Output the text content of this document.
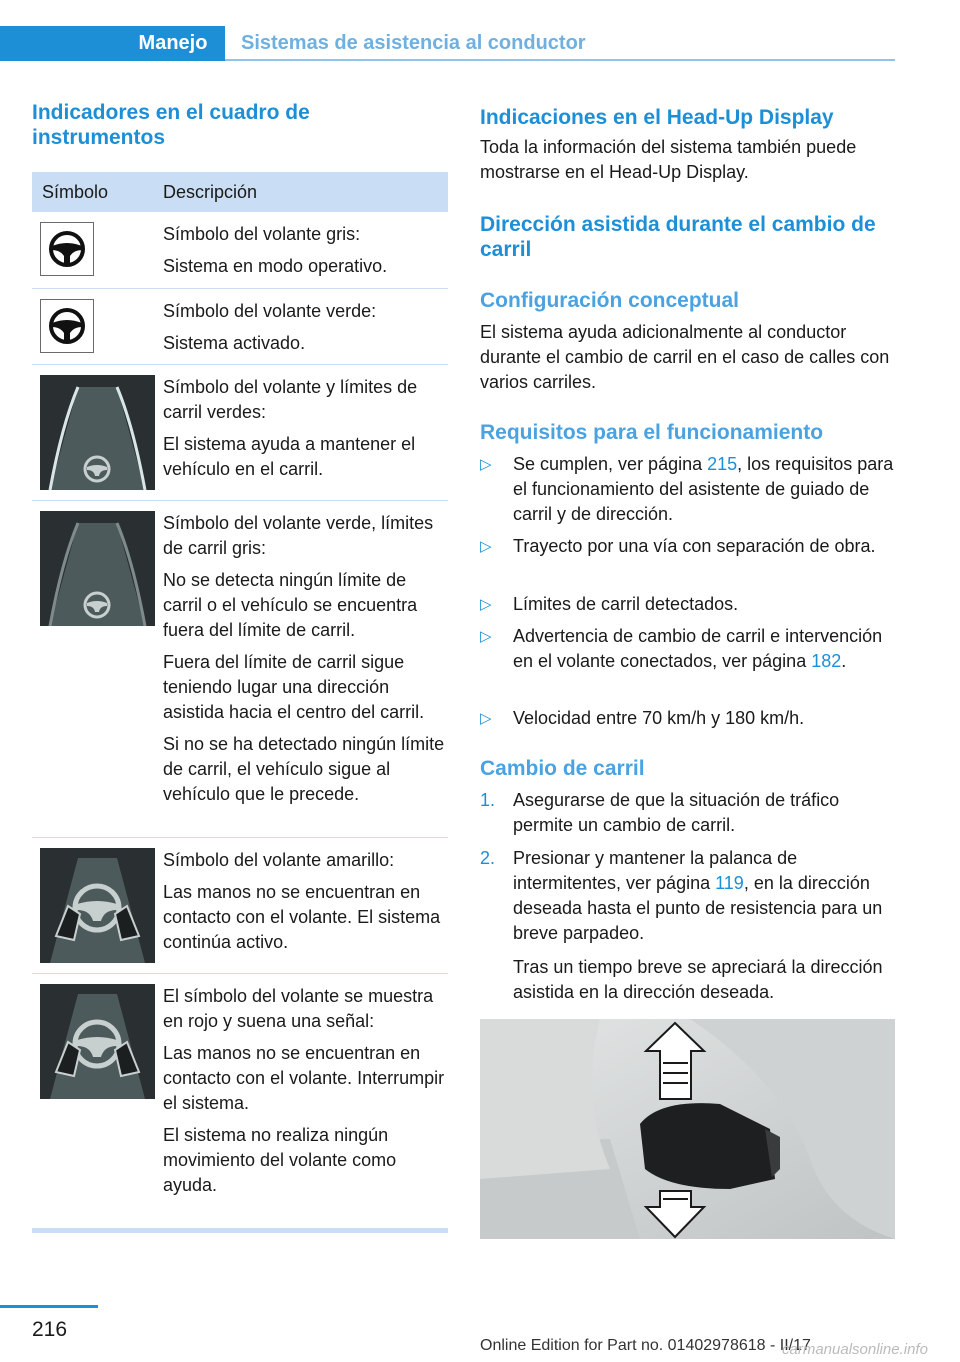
Manejo	Sistemas de asistencia al conductor
Indicadores en el cuadro de instrumentos
Símbolo	Descripción

Símbolo del volante gris:

Sistema en modo operativo.

Símbolo del volante verde:

Sistema activado.

Símbolo del volante y límites de carril verdes:

El sistema ayuda a mantener el vehículo en el carril.

Símbolo del volante verde, límites de carril gris:

No se detecta ningún límite de carril o el vehículo se encuentra fuera del límite de carril.

Fuera del límite de carril sigue teniendo lugar una dirección asistida hacia el centro del carril.

Si no se ha detectado ningún límite de carril, el vehículo sigue al vehículo que le precede.

Símbolo del volante amarillo:

Las manos no se encuentran en contacto con el volante. El sistema continúa activo.

El símbolo del volante se muestra en rojo y suena una señal:

Las manos no se encuentran en contacto con el volante. Interrumpir el sistema.

El sistema no realiza ningún movimiento del volante como ayuda.

Indicaciones en el Head-Up Display
Toda la información del sistema también puede mostrarse en el Head-Up Display.
Dirección asistida durante el cambio de carril
Configuración conceptual
El sistema ayuda adicionalmente al conductor durante el cambio de carril en el caso de calles con varios carriles.
Requisitos para el funcionamiento
▷ Se cumplen, ver página 215, los requisitos para el funcionamiento del asistente de guiado de carril y de dirección.
▷ Trayecto por una vía con separación de obra.
▷ Límites de carril detectados.
▷ Advertencia de cambio de carril e intervención en el volante conectados, ver página 182.
▷ Velocidad entre 70 km/h y 180 km/h.
Cambio de carril
1. Asegurarse de que la situación de tráfico permite un cambio de carril.
2. Presionar y mantener la palanca de intermitentes, ver página 119, en la dirección deseada hasta el punto de resistencia para un breve parpadeo.
Tras un tiempo breve se apreciará la dirección asistida en la dirección deseada.
216
Online Edition for Part no. 01402978618 - II/17
carmanualsonline.info
